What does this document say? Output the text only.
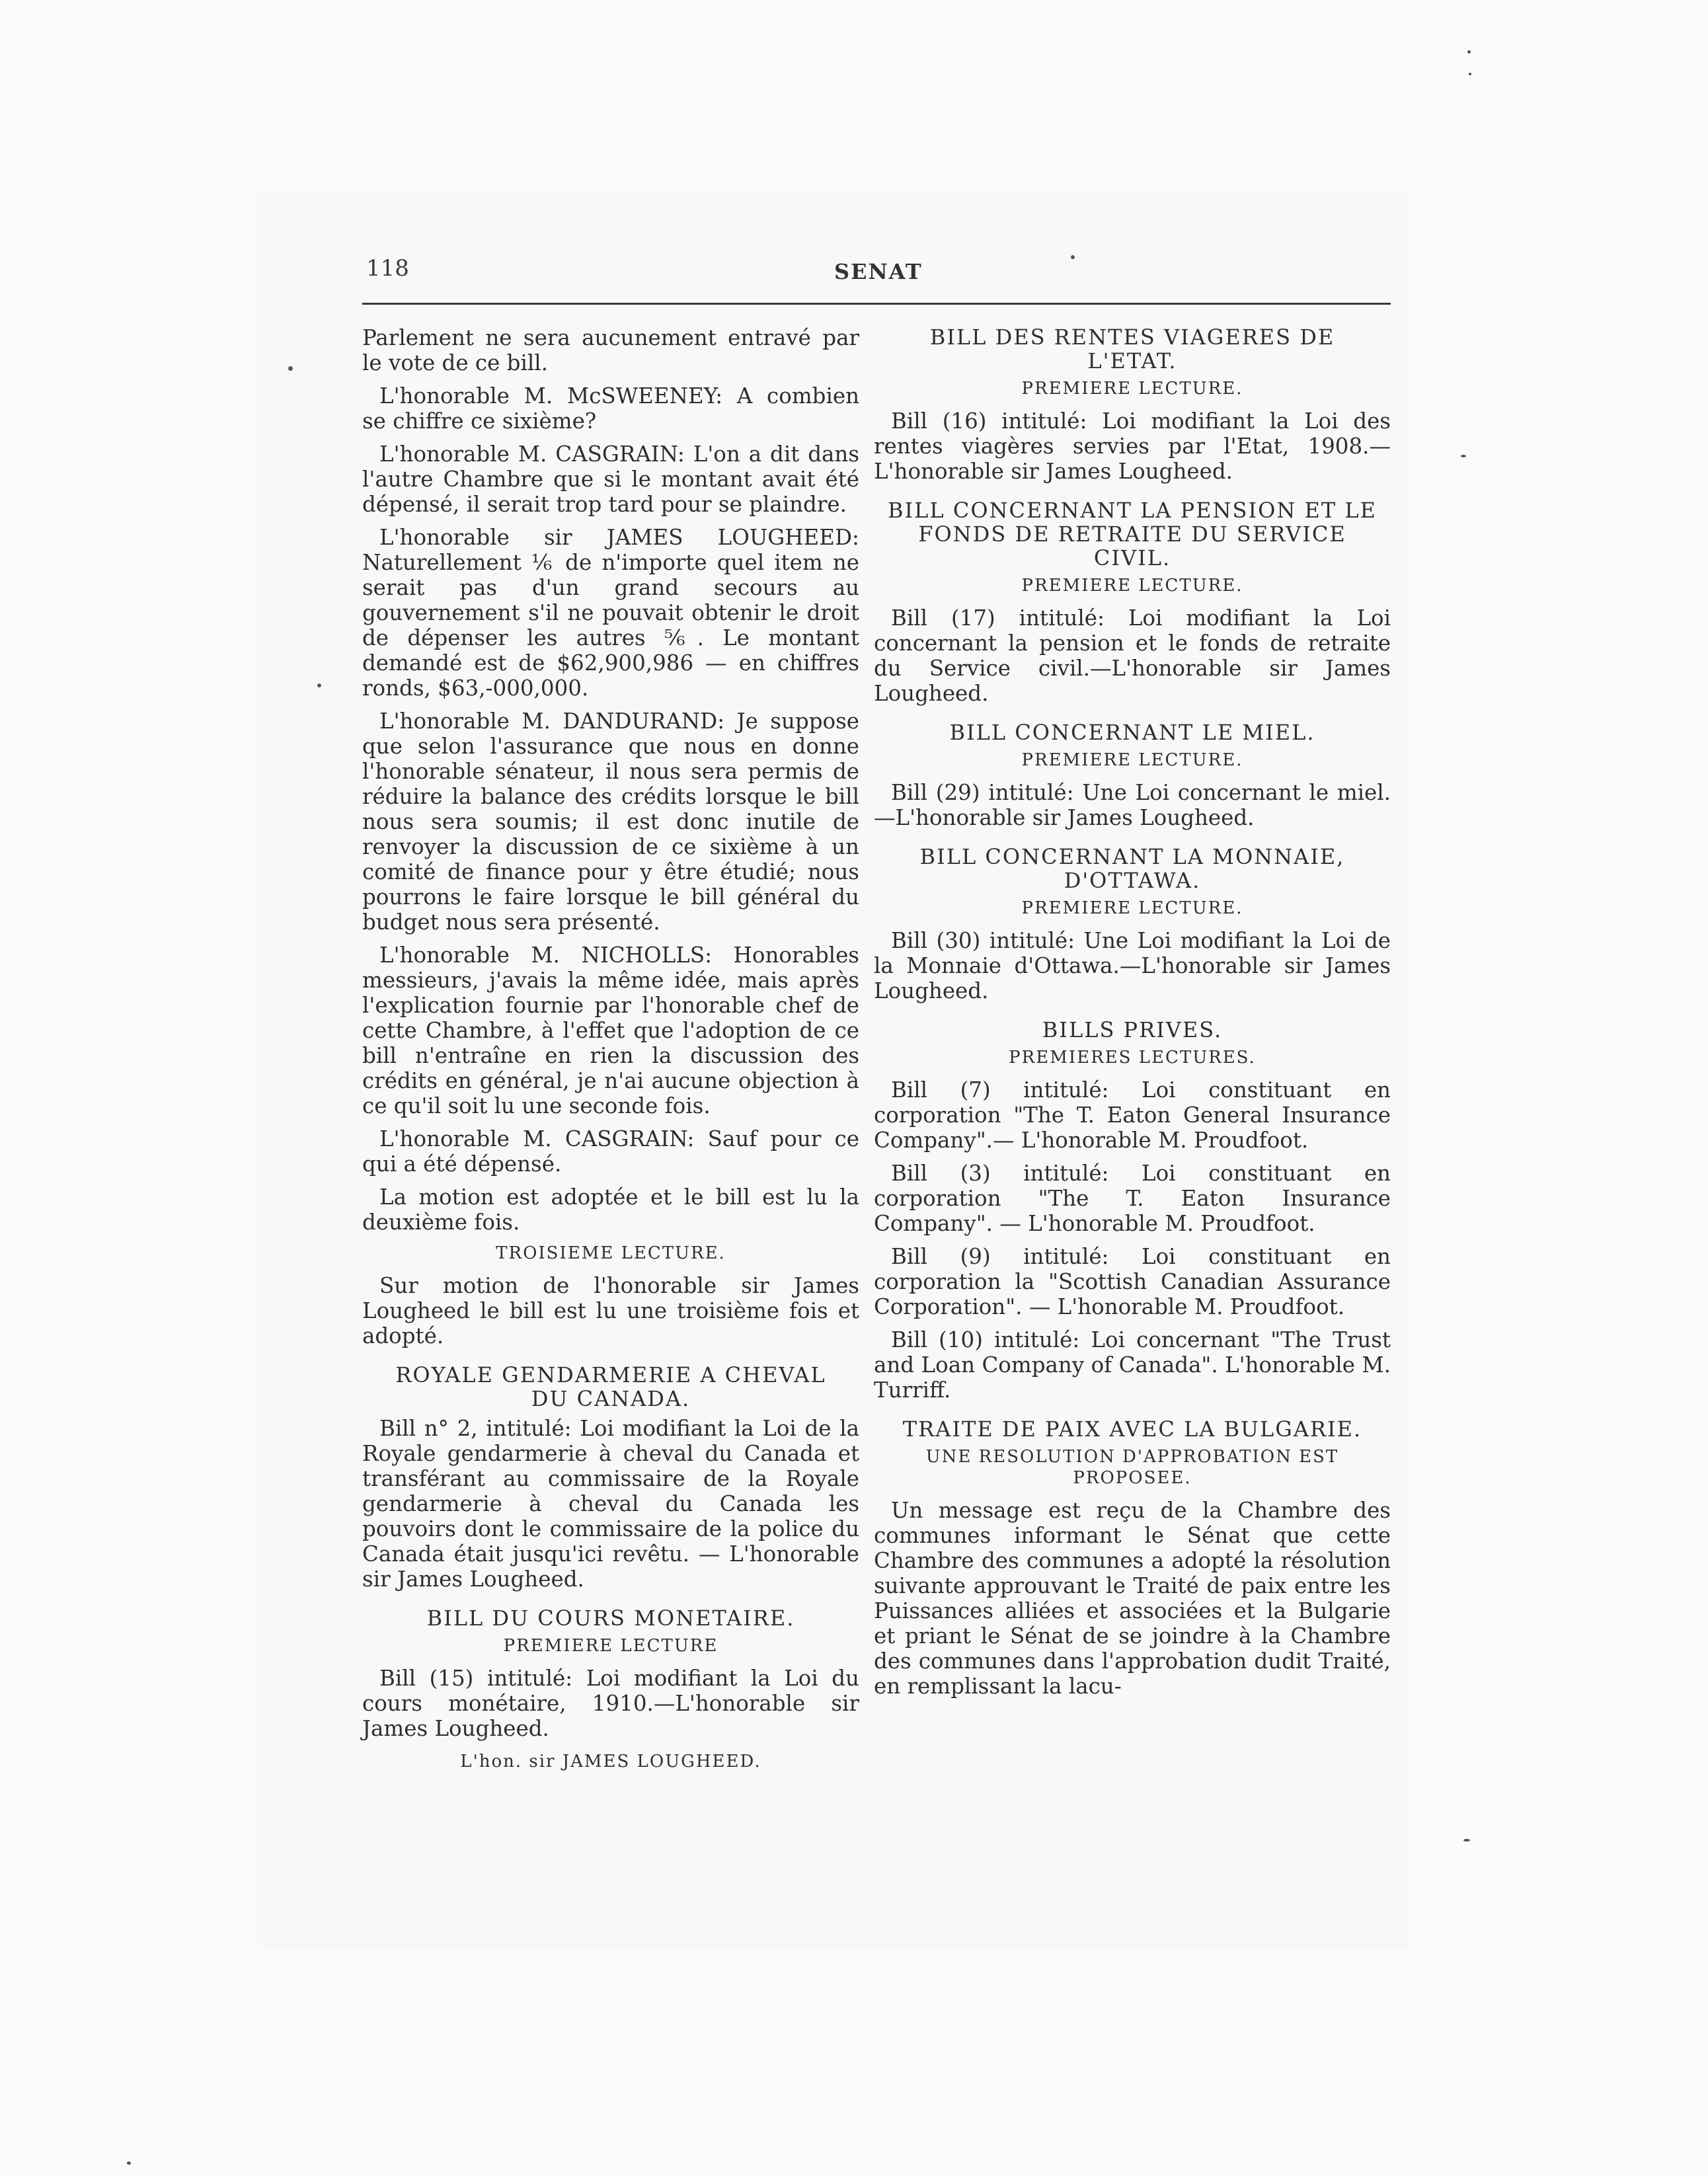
118	SENAT

Parlement ne sera aucunement entravé par le vote de ce bill.

L'honorable M. McSWEENEY: A combien se chiffre ce sixième?

L'honorable M. CASGRAIN: L'on a dit dans l'autre Chambre que si le montant avait été dépensé, il serait trop tard pour se plaindre.

L'honorable sir JAMES LOUGHEED: Naturellement ⅙ de n'importe quel item ne serait pas d'un grand secours au gouvernement s'il ne pouvait obtenir le droit de dépenser les autres ⅚. Le montant demandé est de $62,900,986 — en chiffres ronds, $63,-000,000.

L'honorable M. DANDURAND: Je suppose que selon l'assurance que nous en donne l'honorable sénateur, il nous sera permis de réduire la balance des crédits lorsque le bill nous sera soumis; il est donc inutile de renvoyer la discussion de ce sixième à un comité de finance pour y être étudié; nous pourrons le faire lorsque le bill général du budget nous sera présenté.

L'honorable M. NICHOLLS: Honorables messieurs, j'avais la même idée, mais après l'explication fournie par l'honorable chef de cette Chambre, à l'effet que l'adoption de ce bill n'entraîne en rien la discussion des crédits en général, je n'ai aucune objection à ce qu'il soit lu une seconde fois.

L'honorable M. CASGRAIN: Sauf pour ce qui a été dépensé.

La motion est adoptée et le bill est lu la deuxième fois.

TROISIEME LECTURE.

Sur motion de l'honorable sir James Lougheed le bill est lu une troisième fois et adopté.

ROYALE GENDARMERIE A CHEVAL DU CANADA.

Bill n° 2, intitulé: Loi modifiant la Loi de la Royale gendarmerie à cheval du Canada et transférant au commissaire de la Royale gendarmerie à cheval du Canada les pouvoirs dont le commissaire de la police du Canada était jusqu'ici revêtu. — L'honorable sir James Lougheed.

BILL DU COURS MONETAIRE.
PREMIERE LECTURE

Bill (15) intitulé: Loi modifiant la Loi du cours monétaire, 1910.—L'honorable sir James Lougheed.

L'hon. sir JAMES LOUGHEED.
BILL DES RENTES VIAGERES DE L'ETAT.
PREMIERE LECTURE.

Bill (16) intitulé: Loi modifiant la Loi des rentes viagères servies par l'Etat, 1908.—L'honorable sir James Lougheed.

BILL CONCERNANT LA PENSION ET LE FONDS DE RETRAITE DU SERVICE CIVIL.
PREMIERE LECTURE.

Bill (17) intitulé: Loi modifiant la Loi concernant la pension et le fonds de retraite du Service civil.—L'honorable sir James Lougheed.

BILL CONCERNANT LE MIEL.
PREMIERE LECTURE.

Bill (29) intitulé: Une Loi concernant le miel.—L'honorable sir James Lougheed.

BILL CONCERNANT LA MONNAIE, D'OTTAWA.
PREMIERE LECTURE.

Bill (30) intitulé: Une Loi modifiant la Loi de la Monnaie d'Ottawa.—L'honorable sir James Lougheed.

BILLS PRIVES.
PREMIERES LECTURES.

Bill (7) intitulé: Loi constituant en corporation "The T. Eaton General Insurance Company".— L'honorable M. Proudfoot.

Bill (3) intitulé: Loi constituant en corporation "The T. Eaton Insurance Company". — L'honorable M. Proudfoot.

Bill (9) intitulé: Loi constituant en corporation la "Scottish Canadian Assurance Corporation". — L'honorable M. Proudfoot.

Bill (10) intitulé: Loi concernant "The Trust and Loan Company of Canada". L'honorable M. Turriff.

TRAITE DE PAIX AVEC LA BULGARIE.
UNE RESOLUTION D'APPROBATION EST PROPOSEE.

Un message est reçu de la Chambre des communes informant le Sénat que cette Chambre des communes a adopté la résolution suivante approuvant le Traité de paix entre les Puissances alliées et associées et la Bulgarie et priant le Sénat de se joindre à la Chambre des communes dans l'approbation dudit Traité, en remplissant la lacu-
